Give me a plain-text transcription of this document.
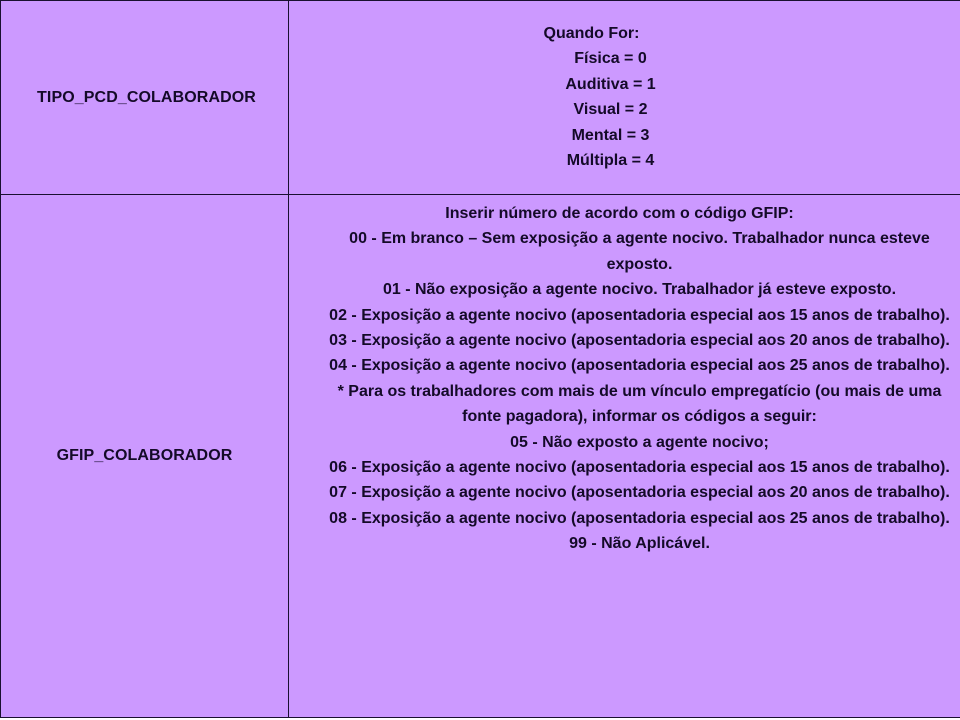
TIPO_PCD_COLABORADOR
Quando For:
Física = 0
Auditiva = 1
Visual = 2
Mental = 3
Múltipla = 4
GFIP_COLABORADOR
Inserir número de acordo com o código GFIP:
00 - Em branco – Sem exposição a agente nocivo. Trabalhador nunca esteve exposto.
01 - Não exposição a agente nocivo. Trabalhador já esteve exposto.
02 - Exposição a agente nocivo (aposentadoria especial aos 15 anos de trabalho).
03 - Exposição a agente nocivo (aposentadoria especial aos 20 anos de trabalho).
04 - Exposição a agente nocivo (aposentadoria especial aos 25 anos de trabalho).
* Para os trabalhadores com mais de um vínculo empregatício (ou mais de uma fonte pagadora), informar os códigos a seguir:
05 - Não exposto a agente nocivo;
06 - Exposição a agente nocivo (aposentadoria especial aos 15 anos de trabalho).
07 - Exposição a agente nocivo (aposentadoria especial aos 20 anos de trabalho).
08 - Exposição a agente nocivo (aposentadoria especial aos 25 anos de trabalho).
99 - Não Aplicável.
